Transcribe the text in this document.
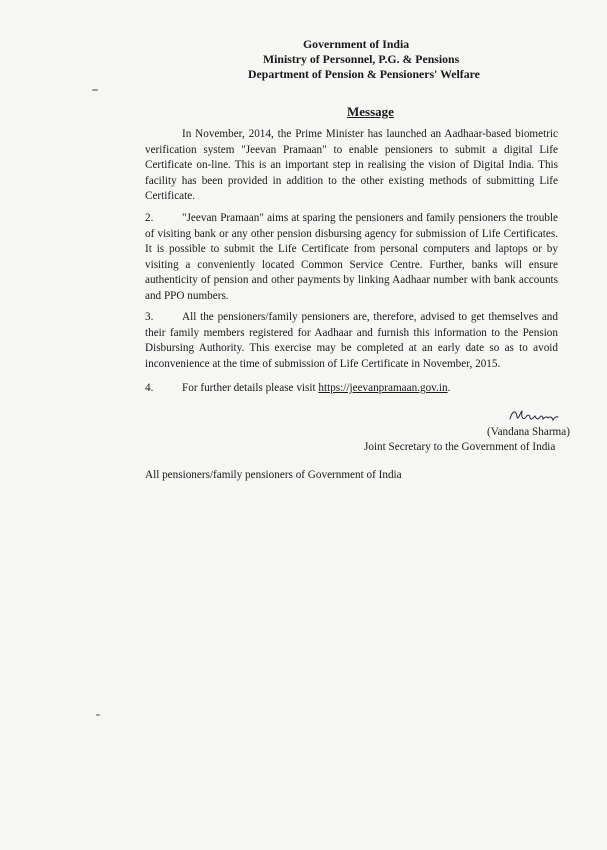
Government of India
Ministry of Personnel, P.G. & Pensions
Department of Pension & Pensioners' Welfare
Message
In November, 2014, the Prime Minister has launched an Aadhaar-based biometric verification system "Jeevan Pramaan" to enable pensioners to submit a digital Life Certificate on-line. This is an important step in realising the vision of Digital India. This facility has been provided in addition to the other existing methods of submitting Life Certificate.
2.	"Jeevan Pramaan" aims at sparing the pensioners and family pensioners the trouble of visiting bank or any other pension disbursing agency for submission of Life Certificates. It is possible to submit the Life Certificate from personal computers and laptops or by visiting a conveniently located Common Service Centre. Further, banks will ensure authenticity of pension and other payments by linking Aadhaar number with bank accounts and PPO numbers.
3.	All the pensioners/family pensioners are, therefore, advised to get themselves and their family members registered for Aadhaar and furnish this information to the Pension Disbursing Authority. This exercise may be completed at an early date so as to avoid inconvenience at the time of submission of Life Certificate in November, 2015.
4.	For further details please visit https://jeevanpramaan.gov.in.
(Vandana Sharma)
Joint Secretary to the Government of India
All pensioners/family pensioners of Government of India
